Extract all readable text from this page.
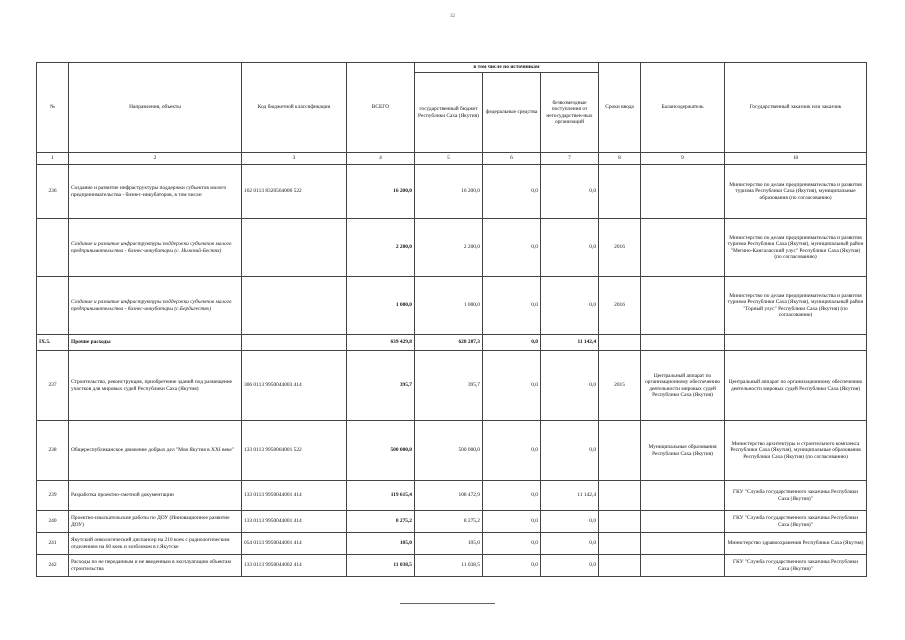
32
№	Направления, объекты	Код бюджетной классификации	ВСЕГО	в том числе по источникам			Сроки ввода	Балансодержатель	Государственный заказчик или заказчик
				государственный бюджет Республики Саха (Якутия)	федеральные средства	безвозмездные поступления от негосударствен-ных организаций			
1	2	3	4	5	6	7	8	9	10
236	Создание и развитие инфраструктуры поддержки субъектов малого предпринимательства - бизнес-инкубаторов, в том числе:	162 0113 8320564000 522	16 200,0	16 200,0	0,0	0,0			Министерство по делам предпринимательства и развития туризма Республики Саха (Якутия), муниципальные образования (по согласованию)
	Создание и развитие инфраструктуры поддержки субъектов малого предпринимательства - бизнес-инкубаторы (с. Нижний-Бестях)		2 200,0	2 200,0	0,0	0,0	2016		Министерство по делам предпринимательства и развития туризма Республики Саха (Якутия), муниципальный район "Мегино-Кангаласский улус" Республики Саха (Якутия) (по согласованию)
	Создание и развитие инфраструктуры поддержки субъектов малого предпринимательства - бизнес-инкубаторы (с.Бердигестях)		1 000,0	1 000,0	0,0	0,0	2016		Министерство по делам предпринимательства и развития туризма Республики Саха (Якутия), муниципальный район "Горный улус" Республики Саха (Якутия) (по согласованию)
IX.5.	Прочие расходы		639 429,8	628 287,3	0,0	11 142,4			
237	Строительство, реконструкция, приобретение зданий под размещение участков для мировых судей Республики Саха (Якутия)	306 0113 9950044003 414	395,7	395,7	0,0	0,0	2015	Центральный аппарат по организационному обеспечению деятельности мировых судей Республики Саха (Якутия)	Центральный аппарат по организационному обеспечению деятельности мировых судей Республики Саха (Якутия)
238	Общереспубликанское движение добрых дел "Моя Якутия в XXI веке"	133 0113 9950064001 522	500 000,0	500 000,0	0,0	0,0		Муниципальные образования Республики Саха (Якутия)	Министерство архитектуры и строительного комплекса Республики Саха (Якутия), муниципальные образования Республики Саха (Якутия) (по согласованию)
239	Разработка проектно-сметной документации	133 0113 9950044001 414	119 615,4	108 472,9	0,0	11 142,4			ГКУ "Служба государственного заказчика Республики Саха (Якутия)"
240	Проектно-изыскательские работы по ДОУ (Инновационное развитие ДОУ)	133 0113 9950044001 414	8 275,2	8 275,2	0,0	0,0			ГКУ "Служба государственного заказчика Республики Саха (Якутия)"
241	Якутский онкологический диспансер на 210 коек с радиологическим отделением на 60 коек и хозблоком в г.Якутске	054 0113 9950044001 414	105,0	105,0	0,0	0,0			Министерство здравоохранения Республики Саха (Якутия)
242	Расходы по не переданным и не введенным в эксплуатацию объектам строительства	133 0113 9950044002 414	11 038,5	11 038,5	0,0	0,0			ГКУ "Служба государственного заказчика Республики Саха (Якутия)"
